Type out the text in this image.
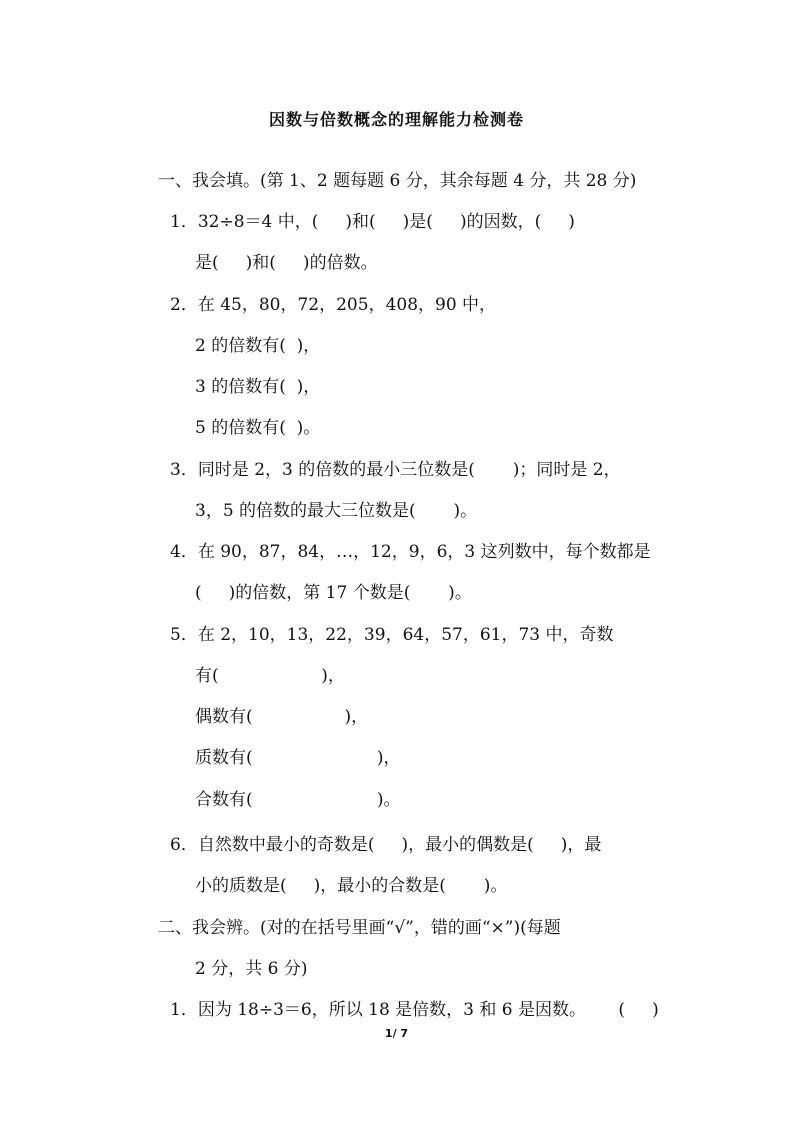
因数与倍数概念的理解能力检测卷
一、我会填。(第 1、2 题每题 6 分，其余每题 4 分，共 28 分)
1．32÷8＝4 中，(     )和(     )是(     )的因数，(     )
是(     )和(     )的倍数。
2．在 45，80，72，205，408，90 中，
2 的倍数有(  )，
3 的倍数有(  )，
5 的倍数有(  )。
3．同时是 2，3 的倍数的最小三位数是(       )；同时是 2，
3，5 的倍数的最大三位数是(       )。
4．在 90，87，84，…，12，9，6，3 这列数中，每个数都是
(     )的倍数，第 17 个数是(       )。
5．在 2，10，13，22，39，64，57，61，73 中，奇数
有(                   )，
偶数有(                 )，
质数有(                       )，
合数有(                       )。
6．自然数中最小的奇数是(     )，最小的偶数是(     )，最
小的质数是(     )，最小的合数是(       )。
二、我会辨。(对的在括号里画“√”，错的画“×”)(每题
2 分，共 6 分)
1．因为 18÷3＝6，所以 18 是倍数，3 和 6 是因数。      (     )
1/ 7
